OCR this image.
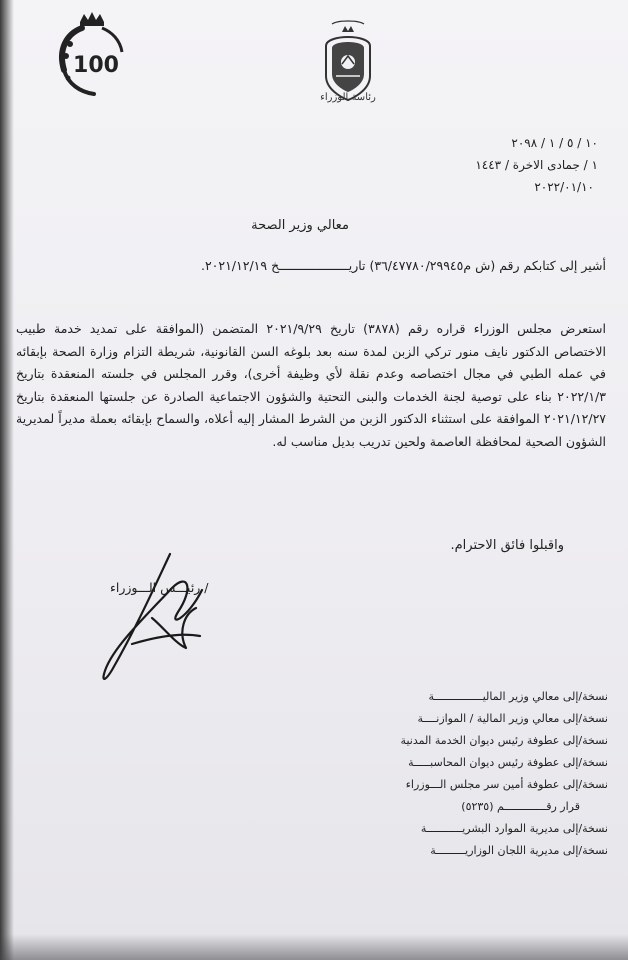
100
رئاسة الوزراء
١٠ / ٥ / ١ / ٢٠٩٨
١ / جمادى الاخرة / ١٤٤٣
٢٠٢٢/٠١/١٠
معالي وزير الصحة
أشير إلى كتابكم رقم (ش م٣٦/٤٧٧٨٠/٢٩٩٤٥) تاريـــــــــــــــــــخ ٢٠٢١/١٢/١٩.
استعرض مجلس الوزراء قراره رقم (٣٨٧٨) تاريخ ٢٠٢١/٩/٢٩ المتضمن (الموافقة على تمديد خدمة طبيب الاختصاص الدكتور نايف منور تركي الزبن لمدة سنه بعد بلوغه السن القانونية، شريطة التزام وزارة الصحة بإبقائه في عمله الطبي في مجال اختصاصه وعدم نقلة لأي وظيفة أخرى)، وقرر المجلس في جلسته المنعقدة بتاريخ ٢٠٢٢/١/٣ بناء على توصية لجنة الخدمات والبنى التحتية والشؤون الاجتماعية الصادرة عن جلستها المنعقدة بتاريخ ٢٠٢١/١٢/٢٧ الموافقة على استثناء الدكتور الزبن من الشرط المشار إليه أعلاه، والسماح بإبقائه بعملة مديراً لمديرية الشؤون الصحية لمحافظة العاصمة ولحين تدريب بديل مناسب له.
واقبلوا فائق الاحترام.
/ رئيـــس الـــوزراء
نسخة/إلى معالي وزير الماليـــــــــــــــة
نسخة/إلى معالي وزير المالية / الموازنــــة
نسخة/إلى عطوفة رئيس ديوان الخدمة المدنية
نسخة/إلى عطوفة رئيس ديوان المحاسبـــــة
نسخة/إلى عطوفة أمين سر مجلس الـــوزراء
قرار رقـــــــــــــم (٥٢٣٥)
نسخة/إلى مديرية الموارد البشريـــــــــــة
نسخة/إلى مديرية اللجان الوزاريـــــــــة
